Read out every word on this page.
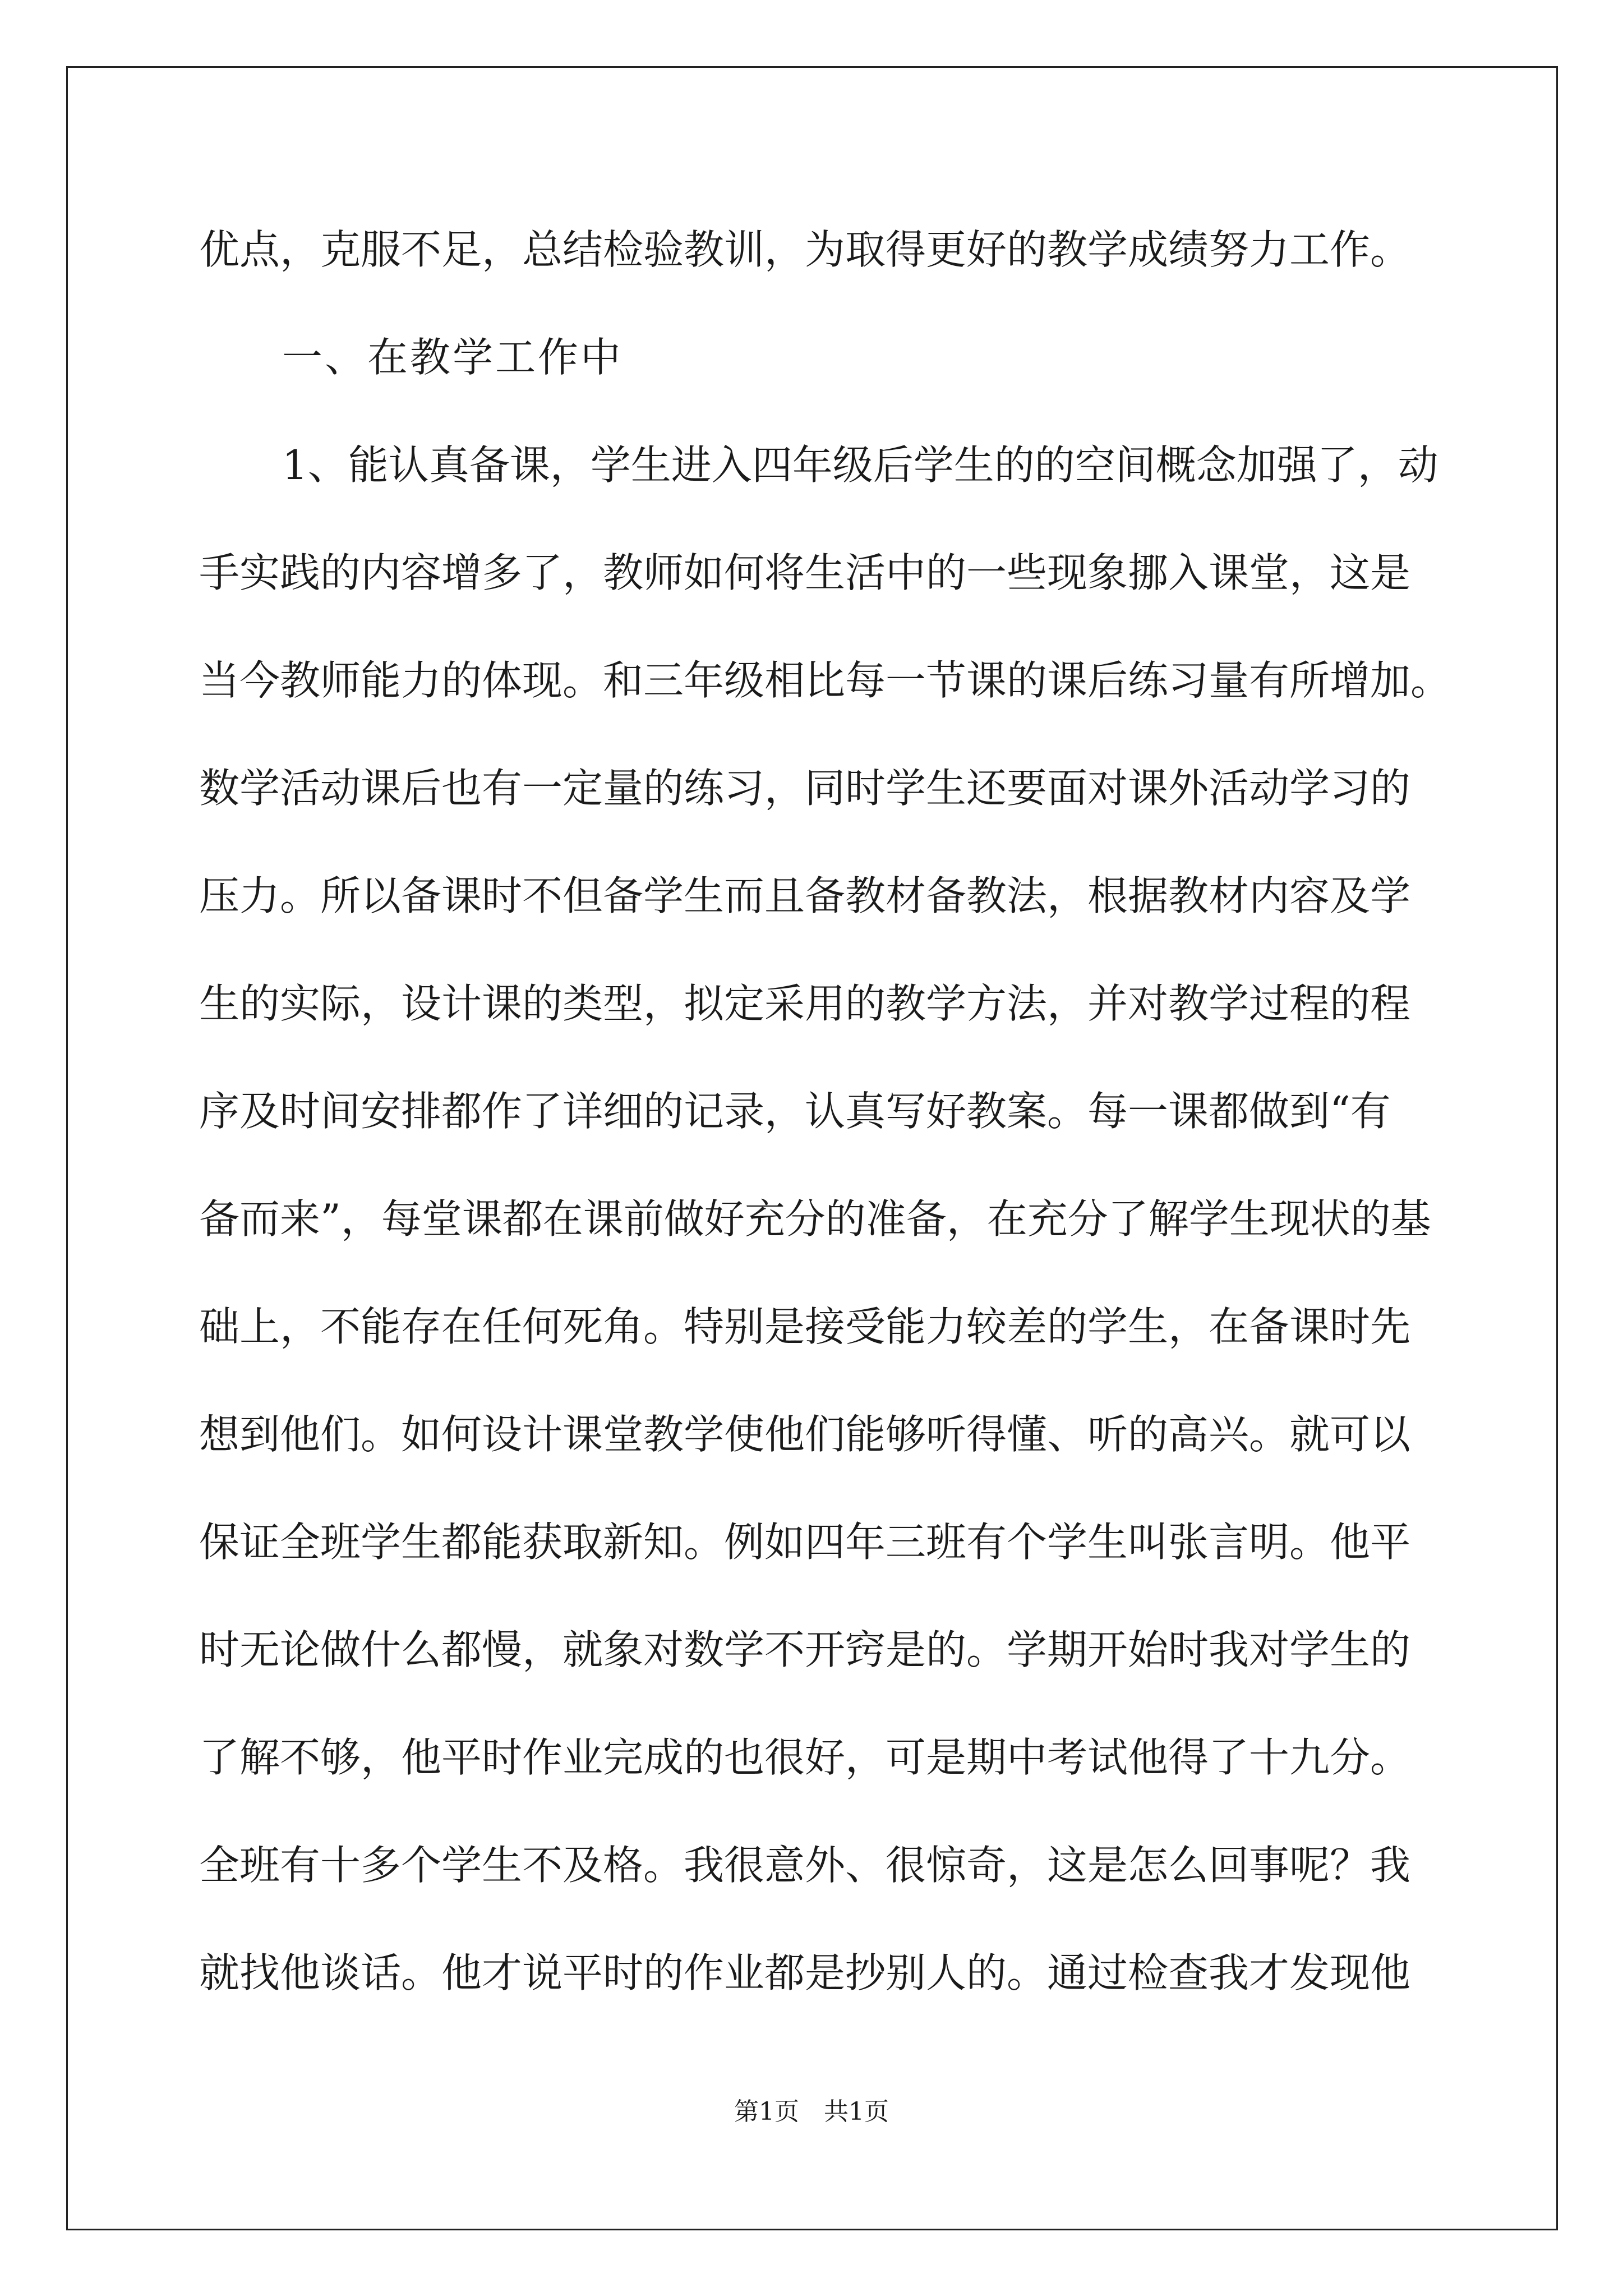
优点，克服不足，总结检验教训，为取得更好的教学成绩努力工作。
一、在教学工作中
1、能认真备课，学生进入四年级后学生的的空间概念加强了，动
手实践的内容增多了，教师如何将生活中的一些现象挪入课堂，这是
当今教师能力的体现。和三年级相比每一节课的课后练习量有所增加。
数学活动课后也有一定量的练习，同时学生还要面对课外活动学习的
压力。所以备课时不但备学生而且备教材备教法，根据教材内容及学
生的实际，设计课的类型，拟定采用的教学方法，并对教学过程的程
序及时间安排都作了详细的记录，认真写好教案。每一课都做到“有
备而来”，每堂课都在课前做好充分的准备，在充分了解学生现状的基
础上，不能存在任何死角。特别是接受能力较差的学生，在备课时先
想到他们。如何设计课堂教学使他们能够听得懂、听的高兴。就可以
保证全班学生都能获取新知。例如四年三班有个学生叫张言明。他平
时无论做什么都慢，就象对数学不开窍是的。学期开始时我对学生的
了解不够，他平时作业完成的也很好，可是期中考试他得了十九分。
全班有十多个学生不及格。我很意外、很惊奇，这是怎么回事呢？我
就找他谈话。他才说平时的作业都是抄别人的。通过检查我才发现他
第1页　共1页
